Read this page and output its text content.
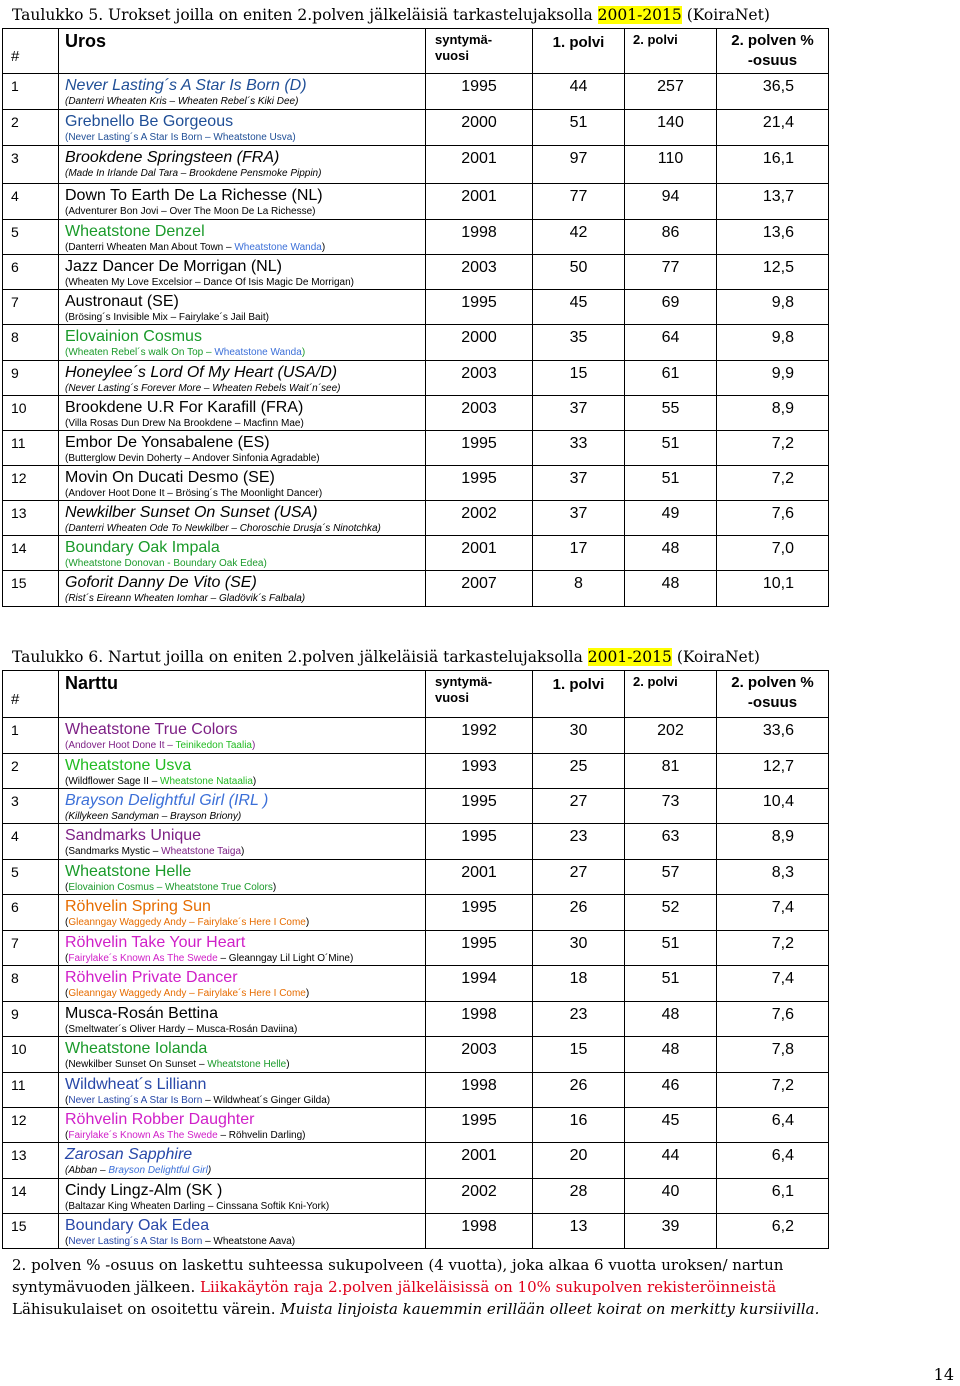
Taulukko 5. Urokset joilla on eniten 2.polven jälkeläisiä tarkastelujaksolla 2001-2015 (KoiraNet)
#	Uros	syntymä-
vuosi	1. polvi	2. polvi	2. polven %
-osuus
1	Never Lasting´s A Star Is Born (D)
(Danterri Wheaten Kris – Wheaten Rebel´s Kiki Dee)	1995	44	257	36,5
2	Grebnello Be Gorgeous
(Never Lasting´s A Star Is Born – Wheatstone Usva)	2000	51	140	21,4
3	Brookdene Springsteen (FRA)
(Made In Irlande Dal Tara – Brookdene Pensmoke Pippin)	2001	97	110	16,1
4	Down To Earth De La Richesse (NL)
(Adventurer Bon Jovi – Over The Moon De La Richesse)	2001	77	94	13,7
5	Wheatstone Denzel
(Danterri Wheaten Man About Town – Wheatstone Wanda)	1998	42	86	13,6
6	Jazz Dancer De Morrigan (NL)
(Wheaten My Love Excelsior – Dance Of Isis Magic De Morrigan)	2003	50	77	12,5
7	Austronaut (SE)
(Brösing´s Invisible Mix – Fairylake´s Jail Bait)	1995	45	69	9,8
8	Elovainion Cosmus
(Wheaten Rebel´s walk On Top – Wheatstone Wanda)	2000	35	64	9,8
9	Honeylee´s Lord Of My Heart (USA/D)
(Never Lasting´s Forever More – Wheaten Rebels Wait´n´see)	2003	15	61	9,9
10	Brookdene U.R For Karafill (FRA)
(Villa Rosas Dun Drew Na Brookdene – Macfinn Mae)	2003	37	55	8,9
11	Embor De Yonsabalene (ES)
(Butterglow Devin Doherty – Andover Sinfonia Agradable)	1995	33	51	7,2
12	Movin On Ducati Desmo (SE)
(Andover Hoot Done It – Brösing´s The Moonlight Dancer)	1995	37	51	7,2
13	Newkilber Sunset On Sunset (USA)
(Danterri Wheaten Ode To Newkilber – Choroschie Drusja´s Ninotchka)	2002	37	49	7,6
14	Boundary Oak Impala
(Wheatstone Donovan - Boundary Oak Edea)	2001	17	48	7,0
15	Goforit Danny De Vito (SE)
(Rist´s Eireann Wheaten Iomhar – Gladövik´s Falbala)	2007	8	48	10,1
Taulukko 6. Nartut joilla on eniten 2.polven jälkeläisiä tarkastelujaksolla 2001-2015 (KoiraNet)
#	Narttu	syntymä-
vuosi	1. polvi	2. polvi	2. polven %
-osuus
1	Wheatstone True Colors
(Andover Hoot Done It – Teinikedon Taalia)	1992	30	202	33,6
2	Wheatstone Usva
(Wildflower Sage II – Wheatstone Nataalia)	1993	25	81	12,7
3	Brayson Delightful Girl (IRL )
(Killykeen Sandyman – Brayson Briony)	1995	27	73	10,4
4	Sandmarks Unique
(Sandmarks Mystic – Wheatstone Taiga)	1995	23	63	8,9
5	Wheatstone Helle
(Elovainion Cosmus – Wheatstone True Colors)	2001	27	57	8,3
6	Röhvelin Spring Sun
(Gleanngay Waggedy Andy – Fairylake´s Here I Come)	1995	26	52	7,4
7	Röhvelin Take Your Heart
(Fairylake´s Known As The Swede – Gleanngay Lil Light O´Mine)	1995	30	51	7,2
8	Röhvelin Private Dancer
(Gleanngay Waggedy Andy – Fairylake´s Here I Come)	1994	18	51	7,4
9	Musca-Rosán Bettina
(Smeltwater´s Oliver Hardy – Musca-Rosán Daviina)	1998	23	48	7,6
10	Wheatstone Iolanda
(Newkilber Sunset On Sunset – Wheatstone Helle)	2003	15	48	7,8
11	Wildwheat´s Lilliann
(Never Lasting´s A Star Is Born – Wildwheat´s Ginger Gilda)	1998	26	46	7,2
12	Röhvelin Robber Daughter
(Fairylake´s Known As The Swede – Röhvelin Darling)	1995	16	45	6,4
13	Zarosan Sapphire
(Abban – Brayson Delightful Girl)	2001	20	44	6,4
14	Cindy Lingz-Alm (SK )
(Baltazar King Wheaten Darling – Cinssana Softik Kni-York)	2002	28	40	6,1
15	Boundary Oak Edea
(Never Lasting´s A Star Is Born – Wheatstone Aava)	1998	13	39	6,2
2. polven % -osuus on laskettu suhteessa sukupolveen (4 vuotta), joka alkaa 6 vuotta uroksen/ nartun
syntymävuoden jälkeen. Liikakäytön raja 2.polven jälkeläisissä on 10% sukupolven rekisteröinneistä
Lähisukulaiset on osoitettu värein. Muista linjoista kauemmin erillään olleet koirat on merkitty kursiivilla.
14
